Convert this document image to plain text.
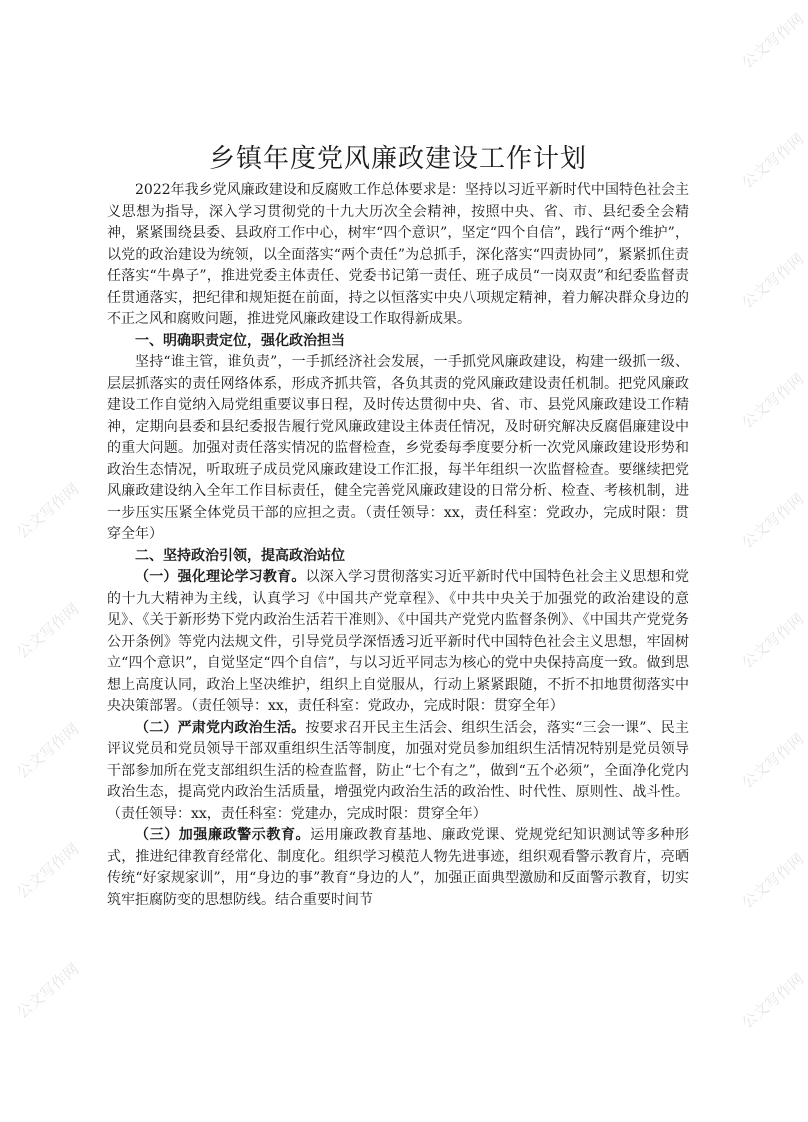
乡镇年度党风廉政建设工作计划

2022年我乡党风廉政建设和反腐败工作总体要求是：坚持以习近平新时代中国特色社会主义思想为指导，深入学习贯彻党的十九大历次全会精神，按照中央、省、市、县纪委全会精神，紧紧围绕县委、县政府工作中心，树牢“四个意识”，坚定“四个自信”，践行“两个维护”，以党的政治建设为统领，以全面落实“两个责任”为总抓手，深化落实“四责协同”，紧紧抓住责任落实“牛鼻子”，推进党委主体责任、党委书记第一责任、班子成员“一岗双责”和纪委监督责任贯通落实，把纪律和规矩挺在前面，持之以恒落实中央八项规定精神，着力解决群众身边的不正之风和腐败问题，推进党风廉政建设工作取得新成果。

一、明确职责定位，强化政治担当

坚持“谁主管，谁负责”，一手抓经济社会发展，一手抓党风廉政建设，构建一级抓一级、层层抓落实的责任网络体系，形成齐抓共管，各负其责的党风廉政建设责任机制。把党风廉政建设工作自觉纳入局党组重要议事日程，及时传达贯彻中央、省、市、县党风廉政建设工作精神，定期向县委和县纪委报告履行党风廉政建设主体责任情况，及时研究解决反腐倡廉建设中的重大问题。加强对责任落实情况的监督检查，乡党委每季度要分析一次党风廉政建设形势和政治生态情况，听取班子成员党风廉政建设工作汇报，每半年组织一次监督检查。要继续把党风廉政建设纳入全年工作目标责任，健全完善党风廉政建设的日常分析、检查、考核机制，进一步压实压紧全体党员干部的应担之责。（责任领导：xx，责任科室：党政办，完成时限：贯穿全年）

二、坚持政治引领，提高政治站位

（一）强化理论学习教育。以深入学习贯彻落实习近平新时代中国特色社会主义思想和党的十九大精神为主线，认真学习《中国共产党章程》、《中共中央关于加强党的政治建设的意见》、《关于新形势下党内政治生活若干准则》、《中国共产党党内监督条例》、《中国共产党党务公开条例》等党内法规文件，引导党员学深悟透习近平新时代中国特色社会主义思想，牢固树立“四个意识”，自觉坚定“四个自信”，与以习近平同志为核心的党中央保持高度一致。做到思想上高度认同，政治上坚决维护，组织上自觉服从，行动上紧紧跟随，不折不扣地贯彻落实中央决策部署。（责任领导：xx，责任科室：党政办，完成时限：贯穿全年）

（二）严肃党内政治生活。按要求召开民主生活会、组织生活会，落实“三会一课”、民主评议党员和党员领导干部双重组织生活等制度，加强对党员参加组织生活情况特别是党员领导干部参加所在党支部组织生活的检查监督，防止“七个有之”，做到“五个必须”，全面净化党内政治生态，提高党内政治生活质量，增强党内政治生活的政治性、时代性、原则性、战斗性。（责任领导：xx，责任科室：党建办，完成时限：贯穿全年）

（三）加强廉政警示教育。运用廉政教育基地、廉政党课、党规党纪知识测试等多种形式，推进纪律教育经常化、制度化。组织学习模范人物先进事迹，组织观看警示教育片，亮晒传统“好家规家训”，用“身边的事”教育“身边的人”，加强正面典型激励和反面警示教育，切实筑牢拒腐防变的思想防线。结合重要时间节

公文写作网
公文写作网
公文写作网
公文写作网
公文写作网
公文写作网
公文写作网
公文写作网
公文写作网
公文写作网
公文写作网
公文写作网
公文写作网
公文写作网
